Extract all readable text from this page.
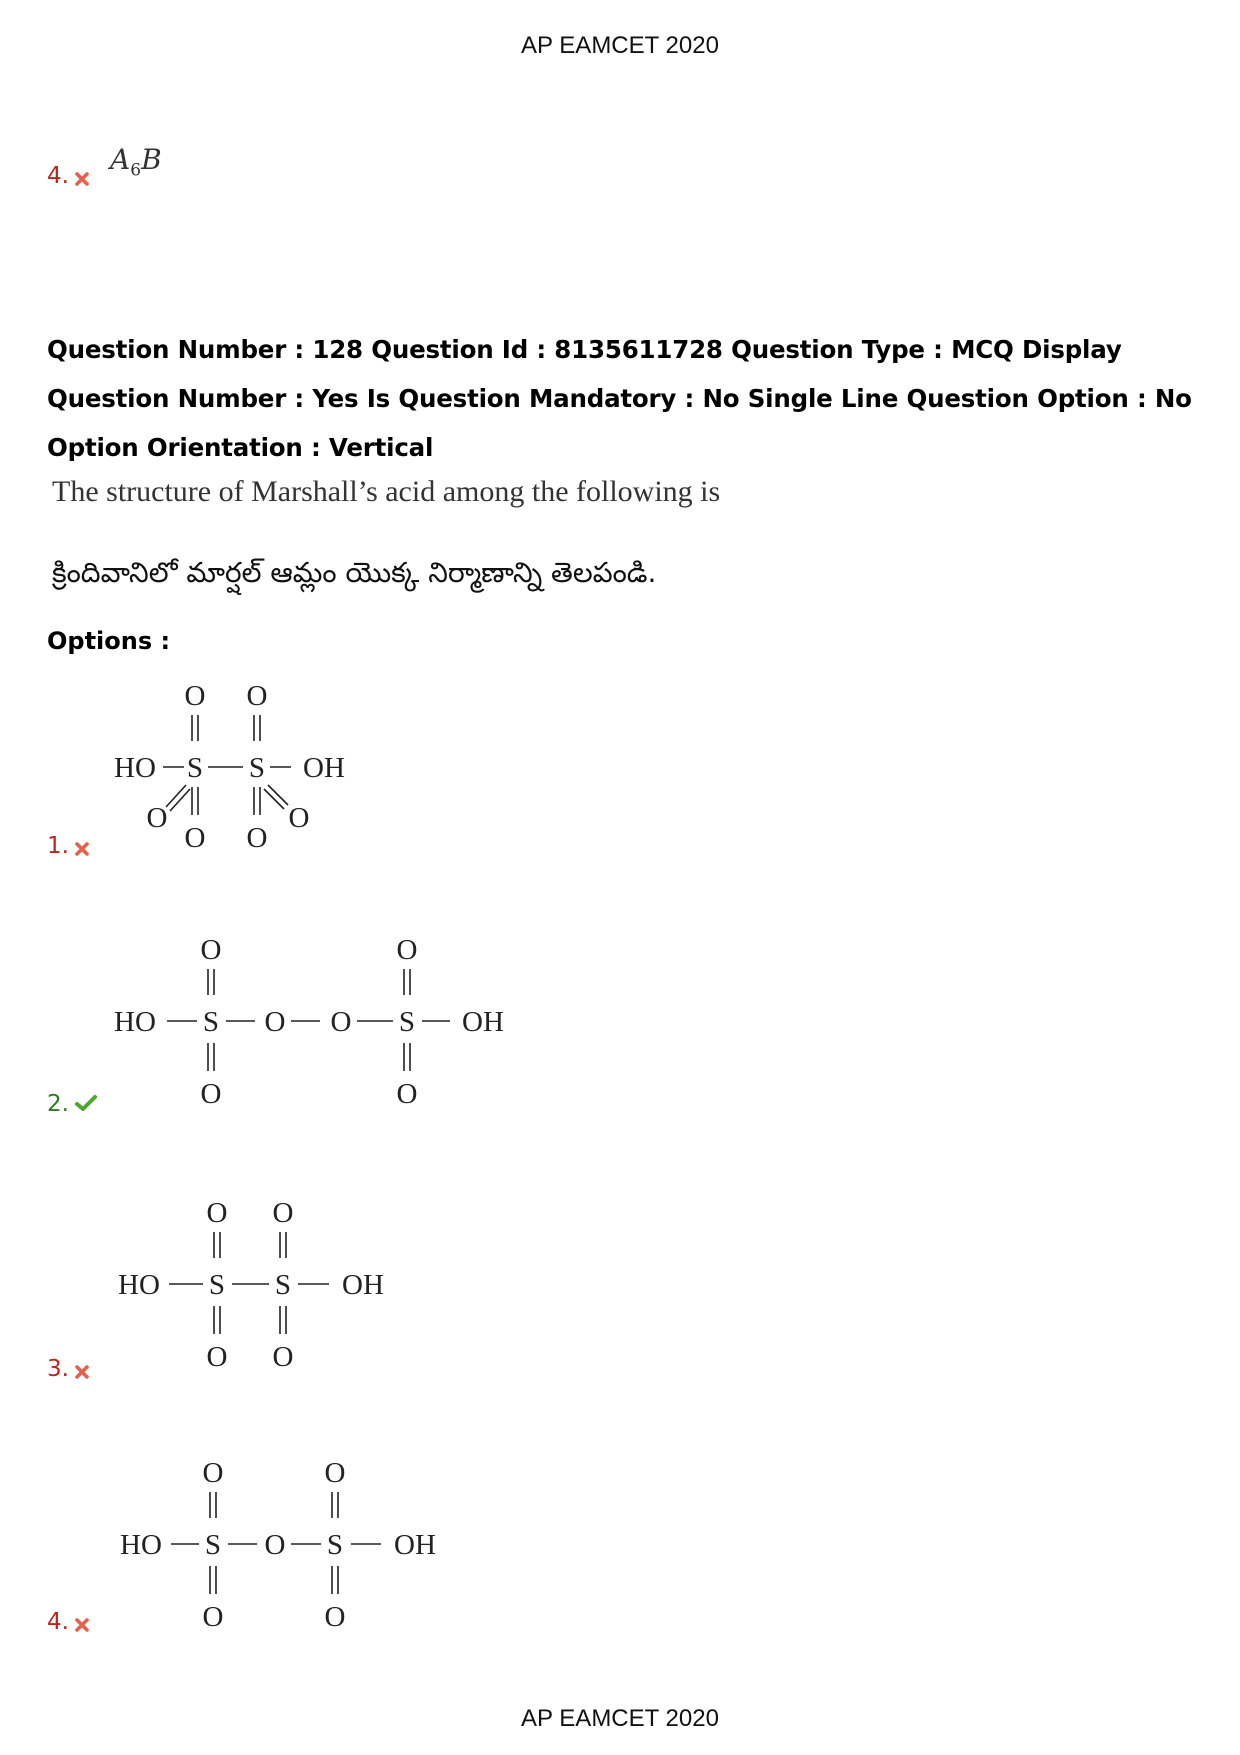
AP EAMCET 2020
4. $A_6B$
Question Number : 128 Question Id : 8135611728 Question Type : MCQ Display Question Number : Yes Is Question Mandatory : No Single Line Question Option : No Option Orientation : Vertical
The structure of Marshall’s acid among the following is
క్రిందివానిలో మార్షల్ ఆమ్లం యొక్క నిర్మాణాన్ని తెలపండి.
Options :
O O
HO S S OH
O	O
O O
1.
O	O
HO S O O S OH
O	O
2.
O O
HO S S OH
O O
3.
O	O
HO S O S OH
O	O
4.
AP EAMCET 2020
